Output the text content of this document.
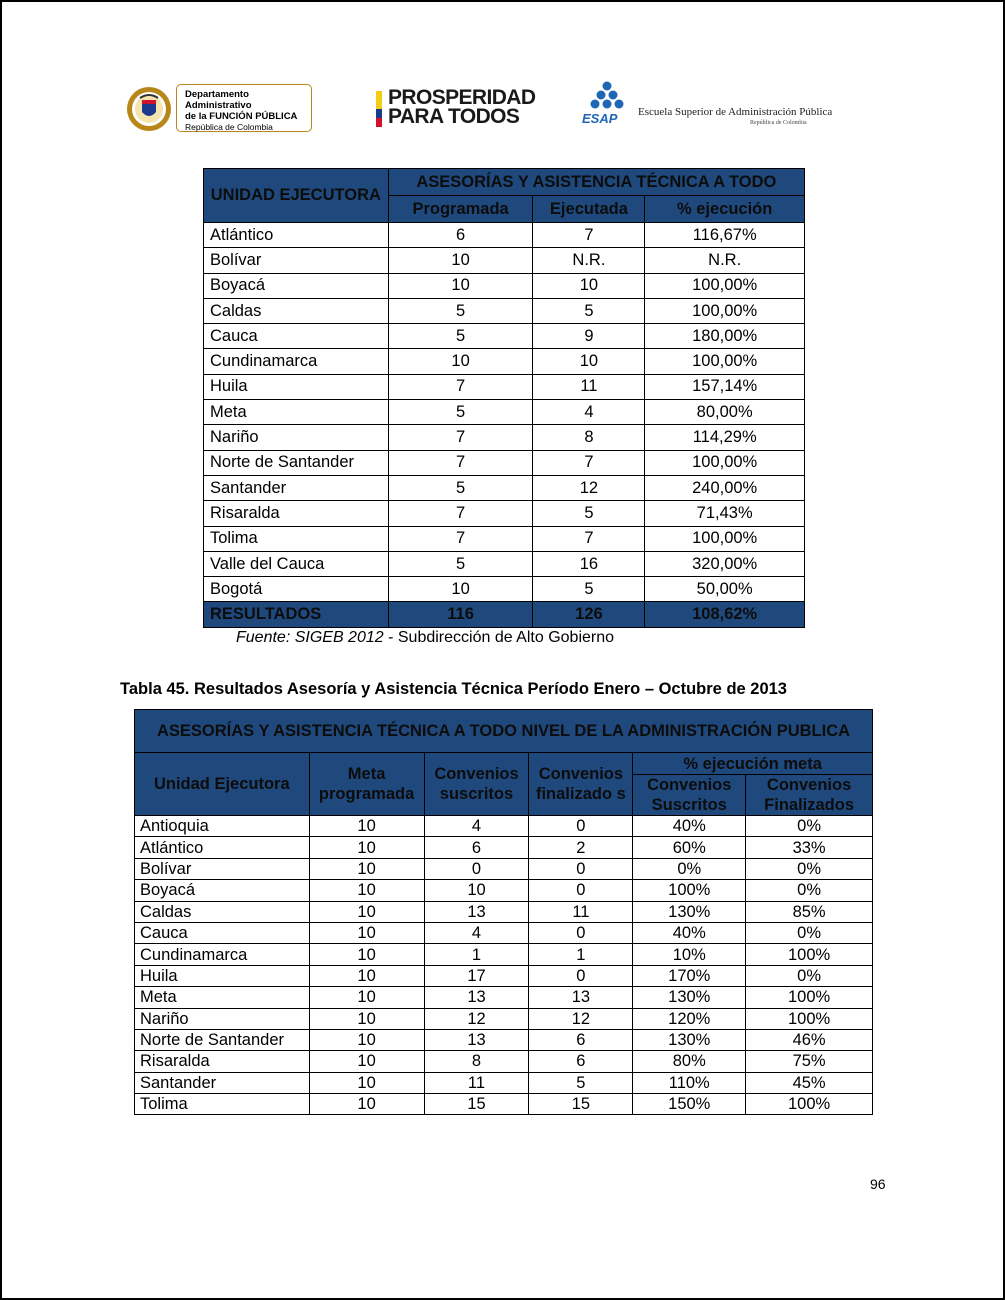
Departamento Administrativo
de la FUNCIÓN PÚBLICA
República de Colombia
PROSPERIDAD
PARA TODOS	ESAP Escuela Superior de Administración Pública
República de Colombia
UNIDAD EJECUTORA	ASESORÍAS Y ASISTENCIA TÉCNICA A TODO		
	Programada	Ejecutada	% ejecución
Atlántico	6	7	116,67%
Bolívar	10	N.R.	N.R.
Boyacá	10	10	100,00%
Caldas	5	5	100,00%
Cauca	5	9	180,00%
Cundinamarca	10	10	100,00%
Huila	7	11	157,14%
Meta	5	4	80,00%
Nariño	7	8	114,29%
Norte de Santander	7	7	100,00%
Santander	5	12	240,00%
Risaralda	7	5	71,43%
Tolima	7	7	100,00%
Valle del Cauca	5	16	320,00%
Bogotá	10	5	50,00%
RESULTADOS	116	126	108,62%
Fuente: SIGEB 2012 - Subdirección de Alto Gobierno
Tabla 45. Resultados Asesoría y Asistencia Técnica Período Enero – Octubre de 2013
ASESORÍAS Y ASISTENCIA TÉCNICA A TODO NIVEL DE LA ADMINISTRACIÓN PUBLICA					
Unidad Ejecutora	Meta programada	Convenios suscritos	Convenios finalizado s	% ejecución meta	
				Convenios Suscritos	Convenios Finalizados
Antioquia	10	4	0	40%	0%
Atlántico	10	6	2	60%	33%
Bolívar	10	0	0	0%	0%
Boyacá	10	10	0	100%	0%
Caldas	10	13	11	130%	85%
Cauca	10	4	0	40%	0%
Cundinamarca	10	1	1	10%	100%
Huila	10	17	0	170%	0%
Meta	10	13	13	130%	100%
Nariño	10	12	12	120%	100%
Norte de Santander	10	13	6	130%	46%
Risaralda	10	8	6	80%	75%
Santander	10	11	5	110%	45%
Tolima	10	15	15	150%	100%
96
